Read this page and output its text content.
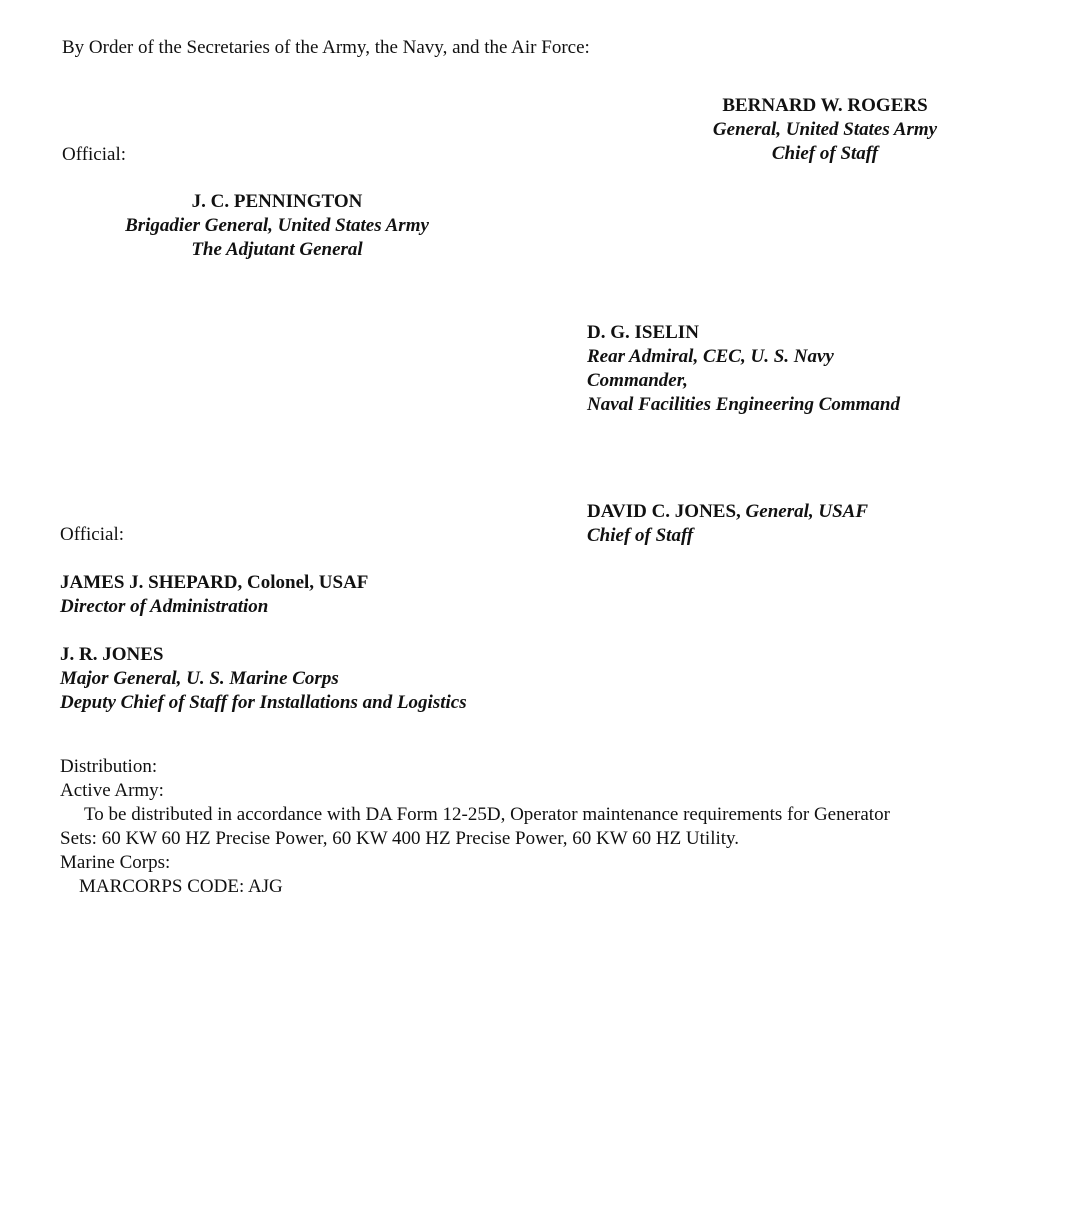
By Order of the Secretaries of the Army, the Navy, and the Air Force:
BERNARD W. ROGERS
General, United States Army
Chief of Staff
Official:
J. C. PENNINGTON
Brigadier General, United States Army
The Adjutant General
D. G. ISELIN
Rear Admiral, CEC, U. S. Navy
Commander,
Naval Facilities Engineering Command
DAVID C. JONES, General, USAF
Chief of Staff
Official:
JAMES J. SHEPARD, Colonel, USAF
Director of Administration
J. R. JONES
Major General, U. S. Marine Corps
Deputy Chief of Staff for Installations and Logistics
Distribution:
Active Army:
To be distributed in accordance with DA Form 12-25D, Operator maintenance requirements for Generator
Sets: 60 KW 60 HZ Precise Power, 60 KW 400 HZ Precise Power, 60 KW 60 HZ Utility.
Marine Corps:
MARCORPS CODE: AJG
